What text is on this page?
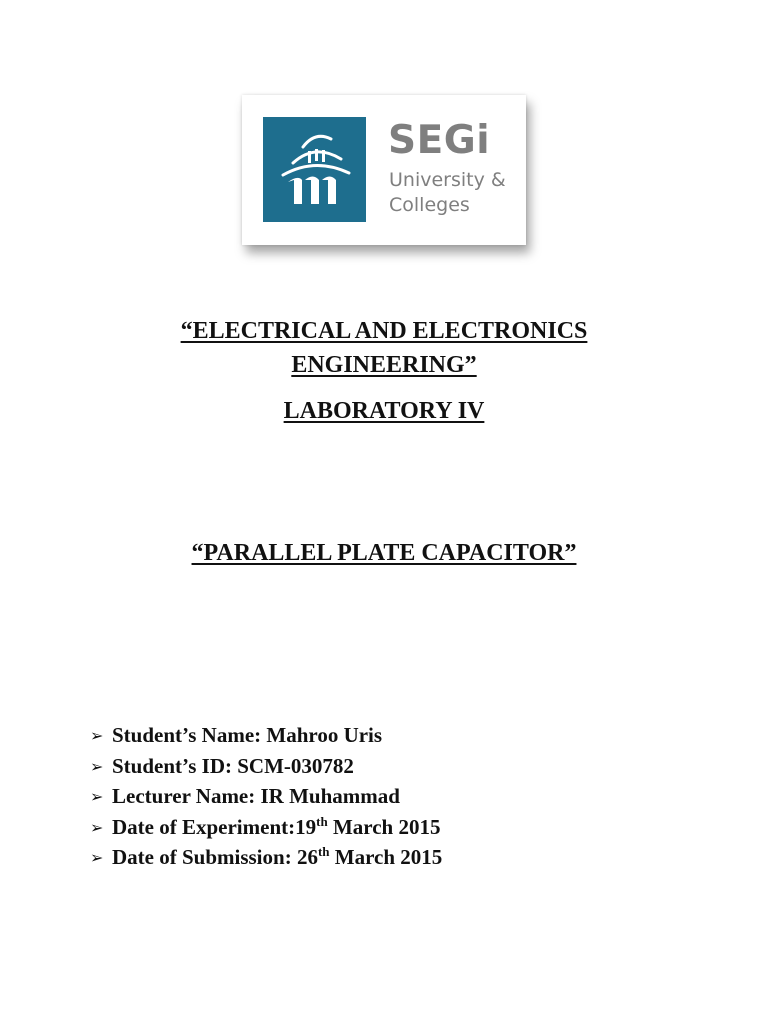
SEGi
University &
Colleges
“ELECTRICAL AND ELECTRONICS
ENGINEERING”
LABORATORY IV
“PARALLEL PLATE CAPACITOR”
➢ Student’s Name: Mahroo Uris
➢ Student’s ID: SCM-030782
➢ Lecturer Name: IR Muhammad
➢ Date of Experiment:19th March 2015
➢ Date of Submission: 26th March 2015
